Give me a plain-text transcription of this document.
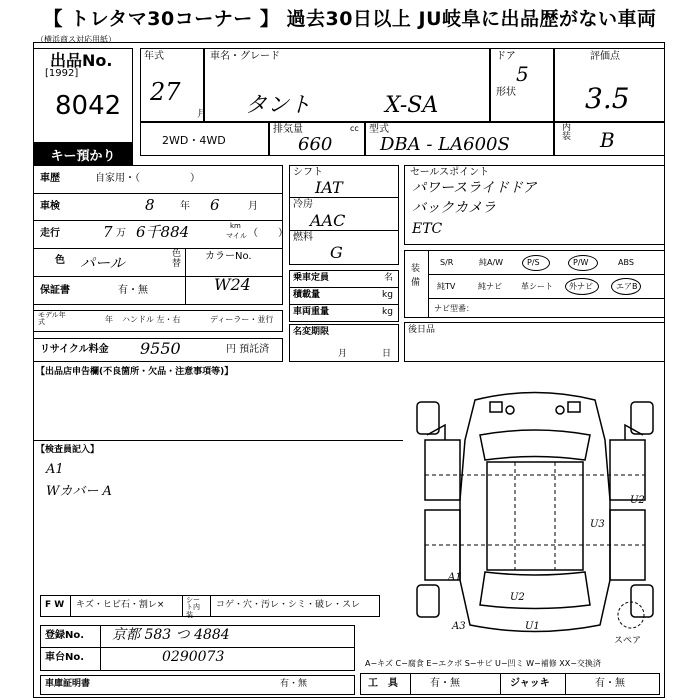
【 トレタマ30コーナー 】 過去30日以上 JU岐阜に出品歴がない車両
（横浜商ス対応用紙）
出品No.
[1992]
8042
キー預かり
年式
27
月
車名・グレード
タント	X-SA
ドア
5
形状
評価点
3.5
2WD・4WD
排気量	cc
660
型式
DBA - LA600S
内装 B
車歴	自家用・（　　　　　）
車検	8	年 6	月
走行	7 万 6千884	km
マイル （　　）
色 パール	色替
カラーNo.
W24
保証書	有・無
モデル年式	年 ハンドル 左・右	ディーラー・並行
リサイクル料金 9550	円 預託済
シフト
IAT
冷房
AAC
燃料
G
乗車定員	名
積載量	kg
車両重量	kg
名変期限
月	日
セールスポイント
パワースライドドア
バックカメラ
ETC
装備
S/R	純A/W	P/S	P/W	ABS
純TV	純ナビ 革シート 外ナビ	エアB
ナビ型番：
後日品
【出品店申告欄(不良箇所・欠品・注意事項等)】
【検査員記入】
A1
Wカバー A
U2
U3
A1
U2
A3	U1
スペア
F W キズ・ヒビ石・割レ×	シート内装
コゲ・穴・汚レ・シミ・破レ・スレ
登録No. 京都 583 つ 4884
車台No.	0290073
車庫証明書	有・無
A−キズ C−腐食 E−エクボ S−サビ U−凹ミ W−補修 XX−交換済
工　具	有・無	ジャッキ	有・無
